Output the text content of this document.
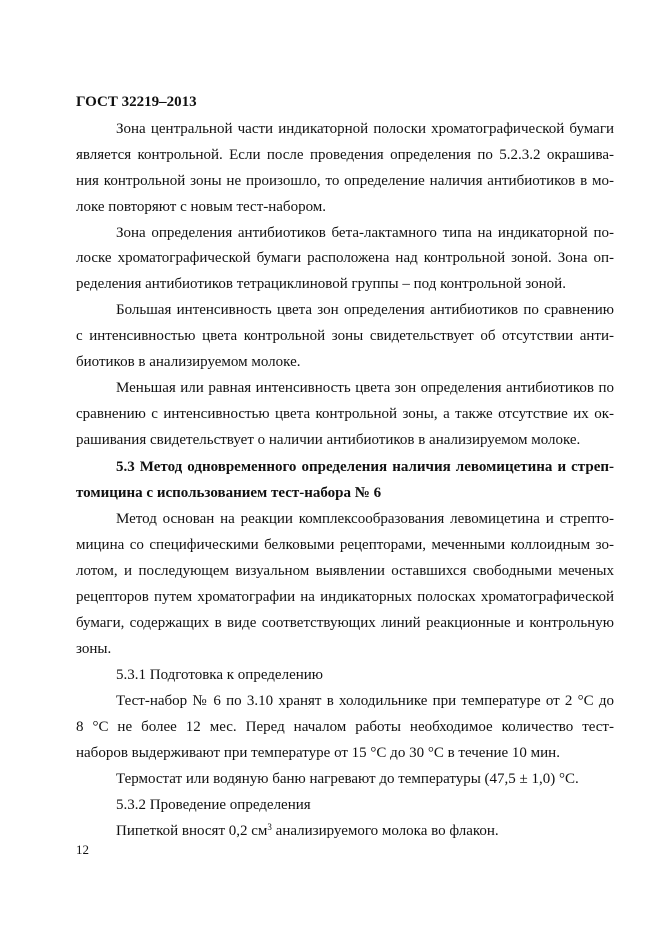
ГОСТ 32219–2013
Зона центральной части индикаторной полоски хроматографической бумаги
является контрольной. Если после проведения определения по 5.2.3.2 окрашива-
ния контрольной зоны не произошло, то определение наличия антибиотиков в мо-
локе повторяют с новым тест-набором.
Зона определения антибиотиков бета-лактамного типа на индикаторной по-
лоске хроматографической бумаги расположена над контрольной зоной. Зона оп-
ределения антибиотиков тетрациклиновой группы – под контрольной зоной.
Большая интенсивность цвета зон определения антибиотиков по сравнению
с интенсивностью цвета контрольной зоны свидетельствует об отсутствии анти-
биотиков в анализируемом молоке.
Меньшая или равная интенсивность цвета зон определения антибиотиков по
сравнению с интенсивностью цвета контрольной зоны, а также отсутствие их ок-
рашивания свидетельствует о наличии антибиотиков в анализируемом молоке.
5.3 Метод одновременного определения наличия левомицетина и стреп-
томицина с использованием тест-набора № 6
Метод основан на реакции комплексообразования левомицетина и стрепто-
мицина со специфическими белковыми рецепторами, меченными коллоидным зо-
лотом, и последующем визуальном выявлении оставшихся свободными меченых
рецепторов путем хроматографии на индикаторных полосках хроматографической
бумаги, содержащих в виде соответствующих линий реакционные и контрольную
зоны.
5.3.1 Подготовка к определению
Тест-набор № 6 по 3.10 хранят в холодильнике при температуре от 2 °С до
8 °С не более 12 мес. Перед началом работы необходимое количество тест-
наборов выдерживают при температуре от 15 °С до 30 °С в течение 10 мин.
Термостат или водяную баню нагревают до температуры (47,5 ± 1,0) °С.
5.3.2 Проведение определения
Пипеткой вносят 0,2 $см^3$ анализируемого молока во флакон.
12
